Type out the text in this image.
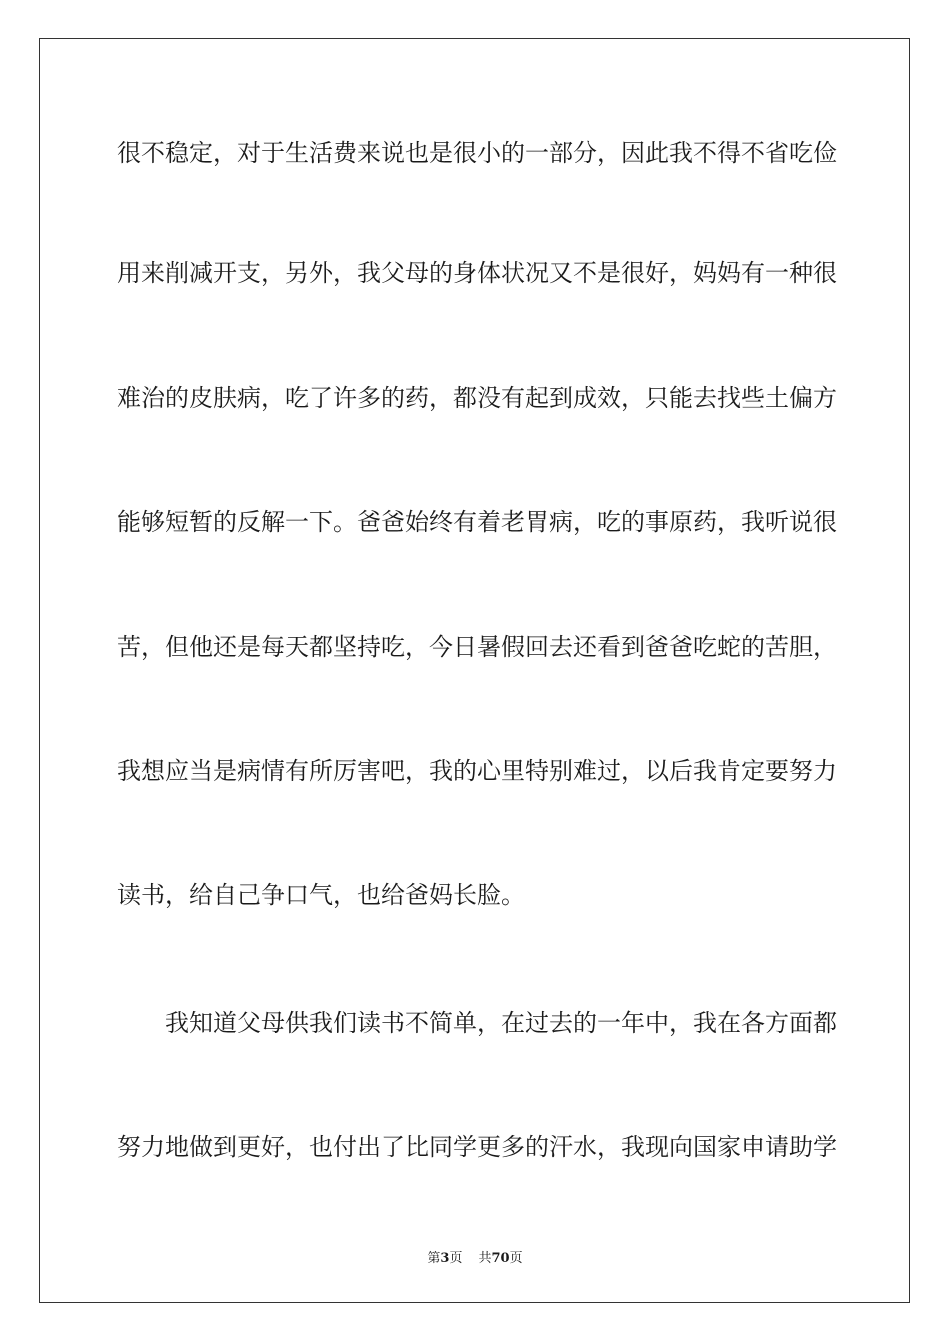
很不稳定，对于生活费来说也是很小的一部分，因此我不得不省吃俭
用来削减开支，另外，我父母的身体状况又不是很好，妈妈有一种很
难治的皮肤病，吃了许多的药，都没有起到成效，只能去找些土偏方
能够短暂的反解一下。爸爸始终有着老胃病，吃的事原药，我听说很
苦，但他还是每天都坚持吃，今日暑假回去还看到爸爸吃蛇的苦胆，
我想应当是病情有所厉害吧，我的心里特别难过，以后我肯定要努力
读书，给自己争口气，也给爸妈长脸。
我知道父母供我们读书不简单，在过去的一年中，我在各方面都
努力地做到更好，也付出了比同学更多的汗水，我现向国家申请助学
第3页 共70页
